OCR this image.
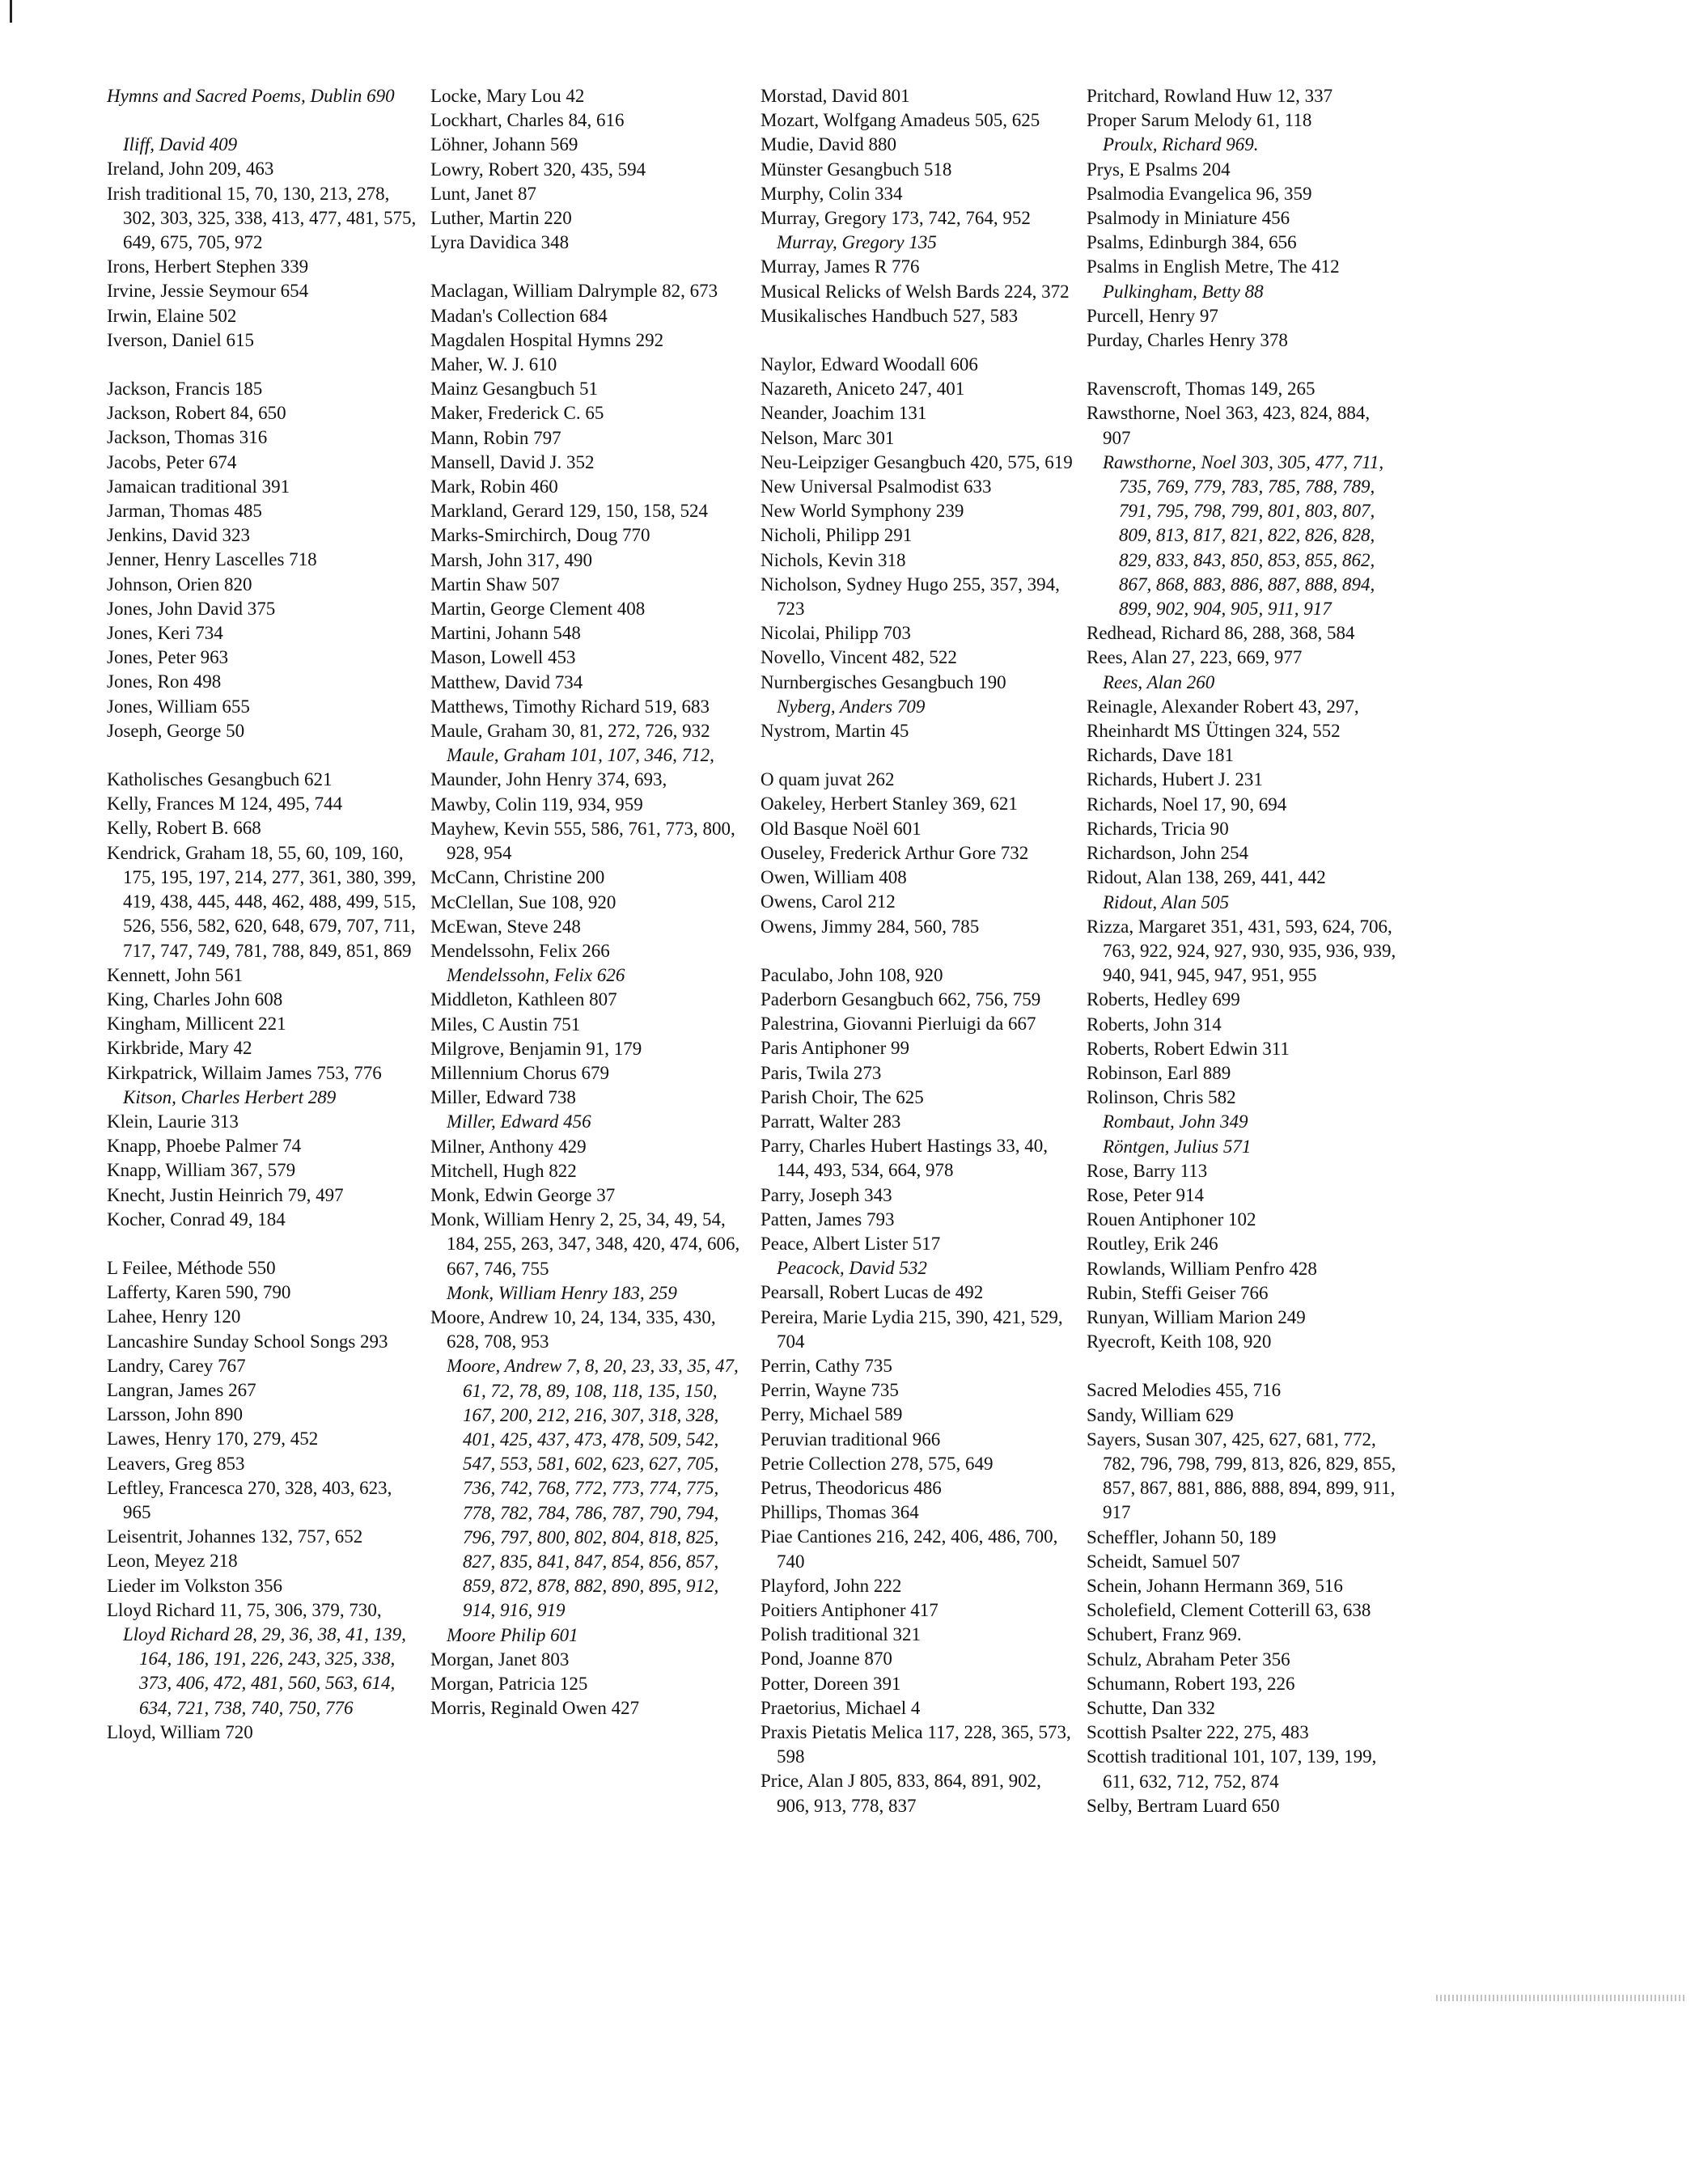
Hymns and Sacred Poems, Dublin 690

Iliff, David 409

Ireland, John 209, 463

Irish traditional 15, 70, 130, 213, 278, 302, 303, 325, 338, 413, 477, 481, 575, 649, 675, 705, 972

Irons, Herbert Stephen 339

Irvine, Jessie Seymour 654

Irwin, Elaine 502

Iverson, Daniel 615

Jackson, Francis 185

Jackson, Robert 84, 650

Jackson, Thomas 316

Jacobs, Peter 674

Jamaican traditional 391

Jarman, Thomas 485

Jenkins, David 323

Jenner, Henry Lascelles 718

Johnson, Orien 820

Jones, John David 375

Jones, Keri 734

Jones, Peter 963

Jones, Ron 498

Jones, William 655

Joseph, George 50

Katholisches Gesangbuch 621

Kelly, Frances M 124, 495, 744

Kelly, Robert B. 668

Kendrick, Graham 18, 55, 60, 109, 160, 175, 195, 197, 214, 277, 361, 380, 399, 419, 438, 445, 448, 462, 488, 499, 515, 526, 556, 582, 620, 648, 679, 707, 711, 717, 747, 749, 781, 788, 849, 851, 869

Kennett, John 561

King, Charles John 608

Kingham, Millicent 221

Kirkbride, Mary 42

Kirkpatrick, Willaim James 753, 776

Kitson, Charles Herbert 289

Klein, Laurie 313

Knapp, Phoebe Palmer 74

Knapp, William 367, 579

Knecht, Justin Heinrich 79, 497

Kocher, Conrad 49, 184

L Feilee, Méthode 550

Lafferty, Karen 590, 790

Lahee, Henry 120

Lancashire Sunday School Songs 293

Landry, Carey 767

Langran, James 267

Larsson, John 890

Lawes, Henry 170, 279, 452

Leavers, Greg 853

Leftley, Francesca 270, 328, 403, 623, 965

Leisentrit, Johannes 132, 757, 652

Leon, Meyez 218

Lieder im Volkston 356

Lloyd Richard 11, 75, 306, 379, 730,

Lloyd Richard 28, 29, 36, 38, 41, 139, 164, 186, 191, 226, 243, 325, 338, 373, 406, 472, 481, 560, 563, 614, 634, 721, 738, 740, 750, 776

Lloyd, William 720

Locke, Mary Lou 42

Lockhart, Charles 84, 616

Löhner, Johann 569

Lowry, Robert 320, 435, 594

Lunt, Janet 87

Luther, Martin 220

Lyra Davidica 348

Maclagan, William Dalrymple 82, 673

Madan's Collection 684

Magdalen Hospital Hymns 292

Maher, W. J. 610

Mainz Gesangbuch 51

Maker, Frederick C. 65

Mann, Robin 797

Mansell, David J. 352

Mark, Robin 460

Markland, Gerard 129, 150, 158, 524

Marks-Smirchirch, Doug 770

Marsh, John 317, 490

Martin Shaw 507

Martin, George Clement 408

Martini, Johann 548

Mason, Lowell 453

Matthew, David 734

Matthews, Timothy Richard 519, 683

Maule, Graham 30, 81, 272, 726, 932

Maule, Graham 101, 107, 346, 712,

Maunder, John Henry 374, 693,

Mawby, Colin 119, 934, 959

Mayhew, Kevin 555, 586, 761, 773, 800, 928, 954

McCann, Christine 200

McClellan, Sue 108, 920

McEwan, Steve 248

Mendelssohn, Felix 266

Mendelssohn, Felix 626

Middleton, Kathleen 807

Miles, C Austin 751

Milgrove, Benjamin 91, 179

Millennium Chorus 679

Miller, Edward 738

Miller, Edward 456

Milner, Anthony 429

Mitchell, Hugh 822

Monk, Edwin George 37

Monk, William Henry 2, 25, 34, 49, 54, 184, 255, 263, 347, 348, 420, 474, 606, 667, 746, 755

Monk, William Henry 183, 259

Moore, Andrew 10, 24, 134, 335, 430, 628, 708, 953

Moore, Andrew 7, 8, 20, 23, 33, 35, 47, 61, 72, 78, 89, 108, 118, 135, 150, 167, 200, 212, 216, 307, 318, 328, 401, 425, 437, 473, 478, 509, 542, 547, 553, 581, 602, 623, 627, 705, 736, 742, 768, 772, 773, 774, 775, 778, 782, 784, 786, 787, 790, 794, 796, 797, 800, 802, 804, 818, 825, 827, 835, 841, 847, 854, 856, 857, 859, 872, 878, 882, 890, 895, 912, 914, 916, 919

Moore Philip 601

Morgan, Janet 803

Morgan, Patricia 125

Morris, Reginald Owen 427

Morstad, David 801

Mozart, Wolfgang Amadeus 505, 625

Mudie, David 880

Münster Gesangbuch 518

Murphy, Colin 334

Murray, Gregory 173, 742, 764, 952

Murray, Gregory 135

Murray, James R 776

Musical Relicks of Welsh Bards 224, 372

Musikalisches Handbuch 527, 583

Naylor, Edward Woodall 606

Nazareth, Aniceto 247, 401

Neander, Joachim 131

Nelson, Marc 301

Neu-Leipziger Gesangbuch 420, 575, 619

New Universal Psalmodist 633

New World Symphony 239

Nicholi, Philipp 291

Nichols, Kevin 318

Nicholson, Sydney Hugo 255, 357, 394, 723

Nicolai, Philipp 703

Novello, Vincent 482, 522

Nurnbergisches Gesangbuch 190

Nyberg, Anders 709

Nystrom, Martin 45

O quam juvat 262

Oakeley, Herbert Stanley 369, 621

Old Basque Noël 601

Ouseley, Frederick Arthur Gore 732

Owen, William 408

Owens, Carol 212

Owens, Jimmy 284, 560, 785

Paculabo, John 108, 920

Paderborn Gesangbuch 662, 756, 759

Palestrina, Giovanni Pierluigi da 667

Paris Antiphoner 99

Paris, Twila 273

Parish Choir, The 625

Parratt, Walter 283

Parry, Charles Hubert Hastings 33, 40, 144, 493, 534, 664, 978

Parry, Joseph 343

Patten, James 793

Peace, Albert Lister 517

Peacock, David 532

Pearsall, Robert Lucas de 492

Pereira, Marie Lydia 215, 390, 421, 529, 704

Perrin, Cathy 735

Perrin, Wayne 735

Perry, Michael 589

Peruvian traditional 966

Petrie Collection 278, 575, 649

Petrus, Theodoricus 486

Phillips, Thomas 364

Piae Cantiones 216, 242, 406, 486, 700, 740

Playford, John 222

Poitiers Antiphoner 417

Polish traditional 321

Pond, Joanne 870

Potter, Doreen 391

Praetorius, Michael 4

Praxis Pietatis Melica 117, 228, 365, 573, 598

Price, Alan J 805, 833, 864, 891, 902, 906, 913, 778, 837

Pritchard, Rowland Huw 12, 337

Proper Sarum Melody 61, 118

Proulx, Richard 969.

Prys, E Psalms 204

Psalmodia Evangelica 96, 359

Psalmody in Miniature 456

Psalms, Edinburgh 384, 656

Psalms in English Metre, The 412

Pulkingham, Betty 88

Purcell, Henry 97

Purday, Charles Henry 378

Ravenscroft, Thomas 149, 265

Rawsthorne, Noel 363, 423, 824, 884, 907

Rawsthorne, Noel 303, 305, 477, 711, 735, 769, 779, 783, 785, 788, 789, 791, 795, 798, 799, 801, 803, 807, 809, 813, 817, 821, 822, 826, 828, 829, 833, 843, 850, 853, 855, 862, 867, 868, 883, 886, 887, 888, 894, 899, 902, 904, 905, 911, 917

Redhead, Richard 86, 288, 368, 584

Rees, Alan 27, 223, 669, 977

Rees, Alan 260

Reinagle, Alexander Robert 43, 297,

Rheinhardt MS Üttingen 324, 552

Richards, Dave 181

Richards, Hubert J. 231

Richards, Noel 17, 90, 694

Richards, Tricia 90

Richardson, John 254

Ridout, Alan 138, 269, 441, 442

Ridout, Alan 505

Rizza, Margaret 351, 431, 593, 624, 706, 763, 922, 924, 927, 930, 935, 936, 939, 940, 941, 945, 947, 951, 955

Roberts, Hedley 699

Roberts, John 314

Roberts, Robert Edwin 311

Robinson, Earl 889

Rolinson, Chris 582

Rombaut, John 349

Röntgen, Julius 571

Rose, Barry 113

Rose, Peter 914

Rouen Antiphoner 102

Routley, Erik 246

Rowlands, William Penfro 428

Rubin, Steffi Geiser 766

Runyan, William Marion 249

Ryecroft, Keith 108, 920

Sacred Melodies 455, 716

Sandy, William 629

Sayers, Susan 307, 425, 627, 681, 772, 782, 796, 798, 799, 813, 826, 829, 855, 857, 867, 881, 886, 888, 894, 899, 911, 917

Scheffler, Johann 50, 189

Scheidt, Samuel 507

Schein, Johann Hermann 369, 516

Scholefield, Clement Cotterill 63, 638

Schubert, Franz 969.

Schulz, Abraham Peter 356

Schumann, Robert 193, 226

Schutte, Dan 332

Scottish Psalter 222, 275, 483

Scottish traditional 101, 107, 139, 199, 611, 632, 712, 752, 874

Selby, Bertram Luard 650
